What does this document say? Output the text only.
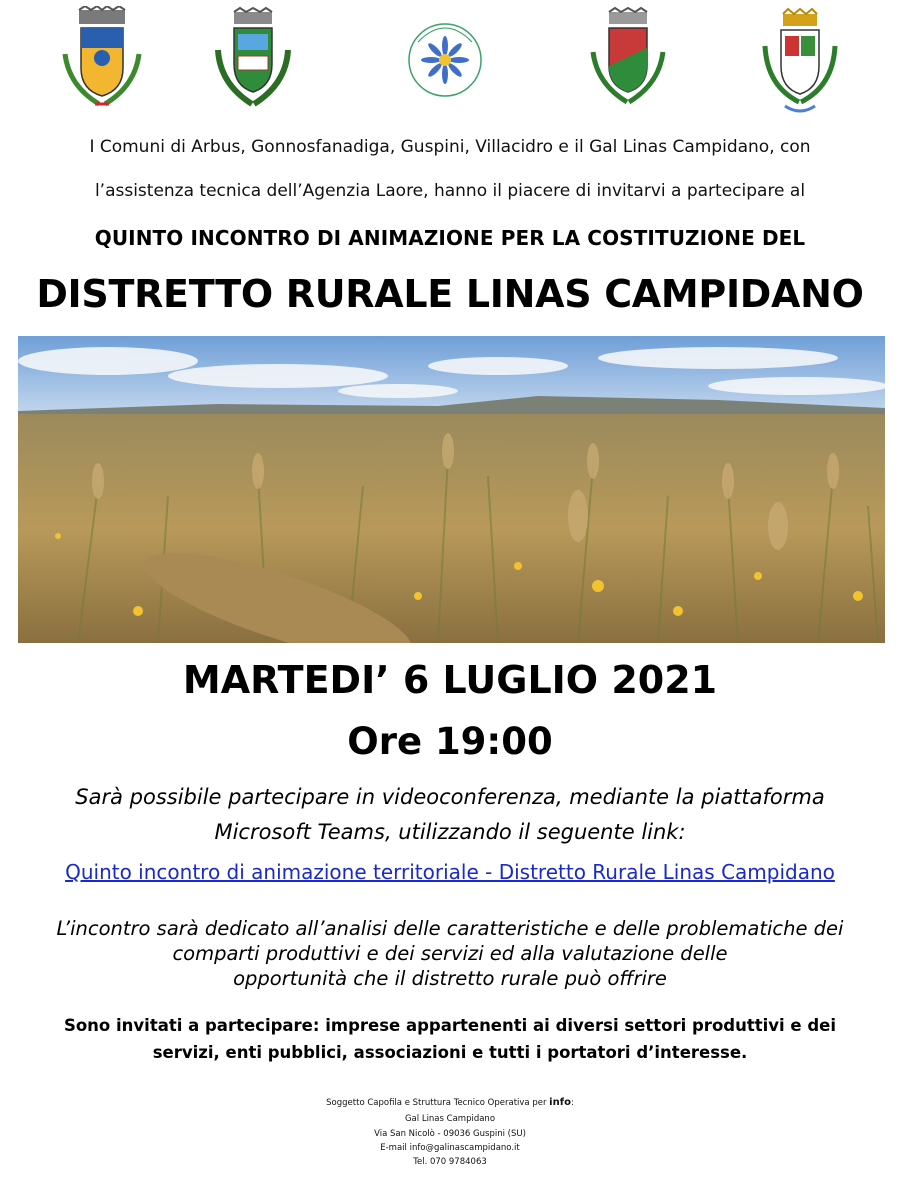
I Comuni di Arbus, Gonnosfanadiga, Guspini, Villacidro e il Gal Linas Campidano, con
l’assistenza tecnica dell’Agenzia Laore, hanno il piacere di invitarvi a partecipare al
QUINTO INCONTRO DI ANIMAZIONE PER LA COSTITUZIONE DEL
DISTRETTO RURALE LINAS CAMPIDANO
MARTEDI’ 6 LUGLIO 2021
Ore 19:00
Sarà possibile partecipare in videoconferenza, mediante la piattaforma
Microsoft Teams, utilizzando il seguente link:
Quinto incontro di animazione territoriale - Distretto Rurale Linas Campidano
L’incontro sarà dedicato all’analisi delle caratteristiche e delle problematiche dei
comparti produttivi e dei servizi ed alla valutazione delle
opportunità che il distretto rurale può offrire
Sono invitati a partecipare: imprese appartenenti ai diversi settori produttivi e dei
servizi, enti pubblici, associazioni e tutti i portatori d’interesse.
Soggetto Capofila e Struttura Tecnico Operativa per info:
Gal Linas Campidano
Via San Nicolò - 09036 Guspini (SU)
E-mail info@galinascampidano.it
Tel. 070 9784063
